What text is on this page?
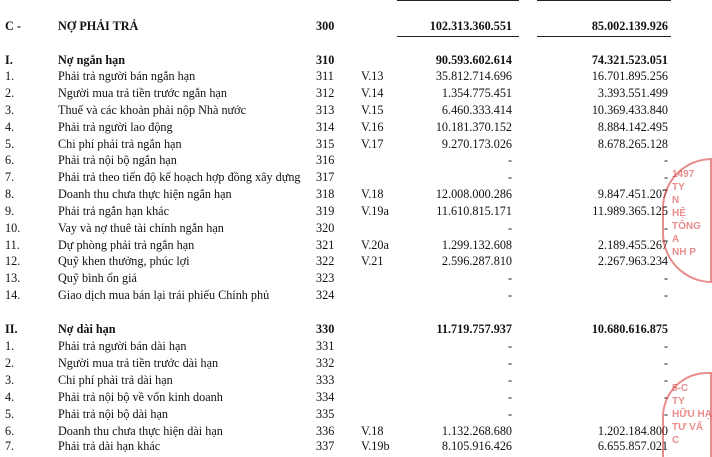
C -	NỢ PHẢI TRẢ	300	102.313.360.551	85.002.139.926
I.	Nợ ngắn hạn	310	90.593.602.614	74.321.523.051
1.	Phải trả người bán ngắn hạn	311 V.13	35.812.714.696	16.701.895.256
2.	Người mua trả tiền trước ngắn hạn	312 V.14	1.354.775.451	3.393.551.499
3.	Thuế và các khoản phải nộp Nhà nước	313 V.15	6.460.333.414	10.369.433.840
4.	Phải trả người lao động	314 V.16	10.181.370.152	8.884.142.495
5.	Chi phí phải trả ngắn hạn	315 V.17	9.270.173.026	8.678.265.128
6.	Phải trả nội bộ ngắn hạn	316	-	-
7.	Phải trả theo tiến độ kế hoạch hợp đồng xây dựng 317	-	-
8.	Doanh thu chưa thực hiện ngắn hạn	318 V.18	12.008.000.286	9.847.451.207
9.	Phải trả ngắn hạn khác	319 V.19a	11.610.815.171	11.989.365.125
10.	Vay và nợ thuê tài chính ngắn hạn	320	-	-
11.	Dự phòng phải trả ngắn hạn	321 V.20a	1.299.132.608	2.189.455.267
12.	Quỹ khen thưởng, phúc lợi	322 V.21	2.596.287.810	2.267.963.234
13.	Quỹ bình ổn giá	323	-	-
14.	Giao dịch mua bán lại trái phiếu Chính phủ	324	-	-
II.	Nợ dài hạn	330	11.719.757.937	10.680.616.875
1.	Phải trả người bán dài hạn	331	-	-
2.	Người mua trả tiền trước dài hạn	332	-	-
3.	Chi phí phải trả dài hạn	333	-	-
4.	Phải trả nội bộ về vốn kinh doanh	334	-	-
5.	Phải trả nội bộ dài hạn	335	-	-
6.	Doanh thu chưa thực hiện dài hạn	336 V.18	1.132.268.680	1.202.184.800
7.	Phải trả dài hạn khác	337 V.19b	8.105.916.426	6.655.857.021
1497
TY
N
HỆ
TÔNG
A
NH P
5-C
TY
HỮU HẠ
TƯ VẤ
C
